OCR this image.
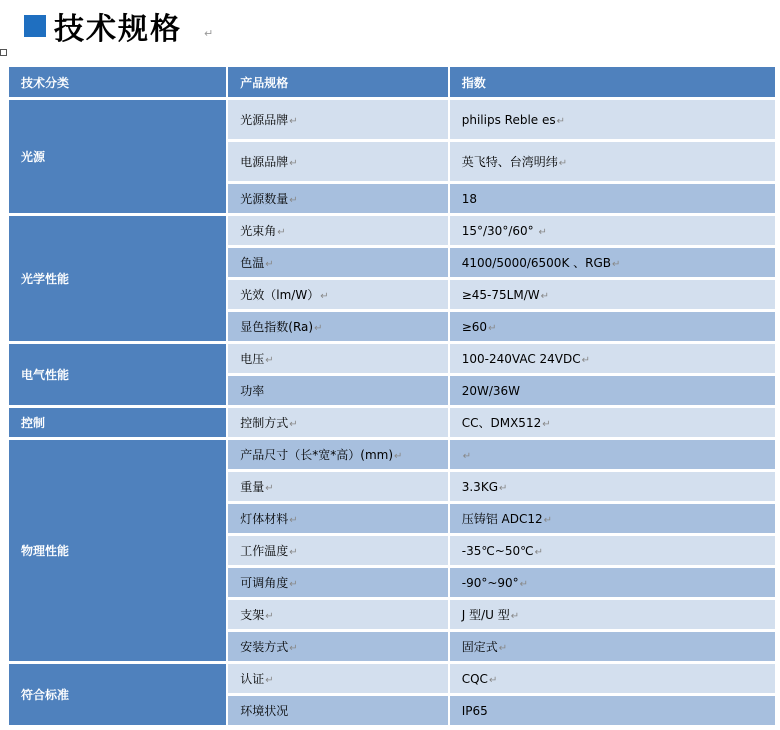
技术规格 ↵
技术分类	产品规格	指数
光源	光源品牌↵	philips Reble es↵
	电源品牌↵	英飞特、台湾明纬↵
	光源数量↵	18
光学性能	光束角↵	15°/30°/60° ↵
	色温↵	4100/5000/6500K 、RGB↵
	光效（lm/W）↵	≥45-75LM/W↵
	显色指数(Ra)↵	≥60↵
电气性能	电压↵	100-240VAC 24VDC↵
	功率	20W/36W
控制	控制方式↵	CC、DMX512↵
物理性能	产品尺寸（长*宽*高）(mm)↵	↵
	重量↵	3.3KG↵
	灯体材料↵	压铸铝 ADC12↵
	工作温度↵	-35℃~50℃↵
	可调角度↵	-90°~90°↵
	支架↵	J 型/U 型↵
	安装方式↵	固定式↵
符合标准	认证↵	CQC↵
	环境状况	IP65
